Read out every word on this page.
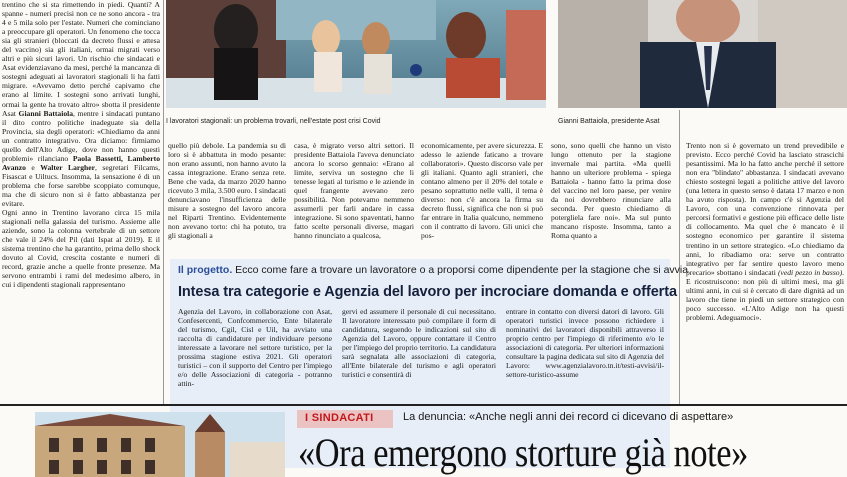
trentino che si sta rimettendo in piedi. Quanti? A spanne - numeri precisi non ce ne sono ancora - tra 4 e 5 mila solo per l'estate. Numeri che cominciano a preoccupare gli operatori. Un fenomeno che tocca sia gli stranieri (bloccati da decreto flussi e attesa del vaccino) sia gli italiani, ormai migrati verso altri e più sicuri lavori. Un rischio che sindacati e Asat evidenziavano da mesi, perché la mancanza di sostegni adeguati ai lavoratori stagionali li ha fatti migrare. «Avevamo detto perché capivamo che erano al limite. I sostegni sono arrivati lunghi, ormai la gente ha trovato altro» sbotta il presidente Asat Gianni Battaiola, mentre i sindacati puntano il dito contro politiche inadeguate sia della Provincia, sia degli operatori: «Chiediamo da anni un contratto integrativo. Ora diciamo: firmiamo quello dell'Alto Adige, dove non hanno questi problemi» rilanciano Paola Bassetti, Lamberto Avanzo e Walter Largher, segretari Filcams, Fisascat e Uiltucs. Insomma, la sensazione è di un problema che forse sarebbe scoppiato comunque, ma che di sicuro non si è fatto abbastanza per evitare.

Ogni anno in Trentino lavorano circa 15 mila stagionali nella galassia del turismo. Assieme alle aziende, sono la colonna vertebrale di un settore che vale il 24% del Pil (dati Ispat al 2019). E il sistema trentino che ha garantito, prima dello shock dovuto al Covid, crescita costante e numeri di record, grazie anche a quelle fronte presenze. Ma servono entrambi i rami del medesimo albero, in cui i dipendenti stagionali rappresentano

I lavoratori stagionali: un problema trovarli, nell'estate post crisi Covid	Gianni Battaiola, presidente Asat

quello più debole. La pandemia su di loro si è abbattuta in modo pesante: non erano assunti, non hanno avuto la cassa integrazione. Erano senza rete. Bene che vada, da marzo 2020 hanno ricevuto 3 mila, 3.500 euro. I sindacati denunciavano l'insufficienza delle misure a sostegno del lavoro ancora nel Riparti Trentino. Evidentemente non avevano torto: chi ha potuto, tra gli stagionali a

casa, è migrato verso altri settori. Il presidente Battaiola l'aveva denunciato ancora lo scorso gennaio: «Erano al limite, serviva un sostegno che li tenesse legati al turismo e le aziende in quel frangente avevano zero possibilità. Non potevamo nemmeno assumerli per farli andare in cassa integrazione. Si sono spaventati, hanno fatto scelte personali diverse, magari hanno rinunciato a qualcosa,

economicamente, per avere sicurezza. E adesso le aziende faticano a trovare collaboratori». Questo discorso vale per gli italiani. Quanto agli stranieri, che contano almeno per il 20% del totale e pesano soprattutto nelle valli, il tema è diverso: non c'è ancora la firma su decreto flussi, significa che non si può far entrare in Italia qualcuno, nemmeno con il contratto di lavoro. Gli unici che pos-

sono, sono quelli che hanno un visto lungo ottenuto per la stagione invernale mai partita. «Ma quelli hanno un ulteriore problema - spiega Battaiola - hanno fatto la prima dose del vaccino nel loro paese, per venire da noi dovrebbero rinunciare alla seconda. Per questo chiediamo di poterglielа fare noi». Ma sul punto mancano risposte. Insomma, tanto a Roma quanto a

Trento non si è governato un trend prevedibile e previsto. Ecco perché Covid ha lasciato strascichi pesantissimi. Ma lo ha fatto anche perché il settore non era "blindato" abbastanza. I sindacati avevano chiesto sostegni legati a politiche attive del lavoro (una lettera in questo senso è datata 17 marzo e non ha avuto risposta). In campo c'è si Agenzia del Lavoro, con una convenzione rinnovata per percorsi formativi e gestione più efficace delle liste di collocamento. Ma quel che è mancato è il sostegno economico per garantire il sistema trentino in un settore strategico. «Lo chiediamo da anni, lo ribadiamo ora: serve un contratto integrativo per far sentire questo lavoro meno precario» sbottano i sindacati (vedi pezzo in basso). E ricostruiscono: non più di ultimi mesi, ma gli ultimi anni, in cui si è cercato di dare dignità ad un lavoro che tiene in piedi un settore strategico con poco successo. «L'Alto Adige non ha questi problemi. Adeguamoci».

Il progetto. Ecco come fare a trovare un lavoratore o a proporsi come dipendente per la stagione che si avvia
Intesa tra categorie e Agenzia del lavoro per incrociare domanda e offerta

Agenzia del Lavoro, in collaborazione con Asat, Confesercenti, Confcommercio, Ente bilaterale del turismo, Cgil, Cisl e Uil, ha avviato una raccolta di candidature per individuare persone interessate a lavorare nel settore turistico, per la prossima stagione estiva 2021. Gli operatori turistici – con il supporto del Centro per l'impiego e/o delle Associazioni di categoria - potranno attin-

gervi ed assumere il personale di cui necessitano. Il lavoratore interessato può compilare il form di candidatura, seguendo le indicazioni sul sito di Agenzia del Lavoro, oppure contattare il Centro per l'impiego del proprio territorio. La candidatura sarà segnalata alle associazioni di categoria, all'Ente bilaterale del turismo e agli operatori turistici e consentirà di

entrare in contatto con diversi datori di lavoro. Gli operatori turistici invece possono richiedere i nominativi dei lavoratori disponibili attraverso il proprio centro per l'impiego di riferimento e/o le associazioni di categoria. Per ulteriori informazioni consultare la pagina dedicata sul sito di Agenzia del Lavoro: www.agenzialavoro.tn.it/testi-avvisi/il-settore-turistico-assume

I SINDACATI	La denuncia: «Anche negli anni dei record ci dicevano di aspettare»
«Ora emergono storture già note»
